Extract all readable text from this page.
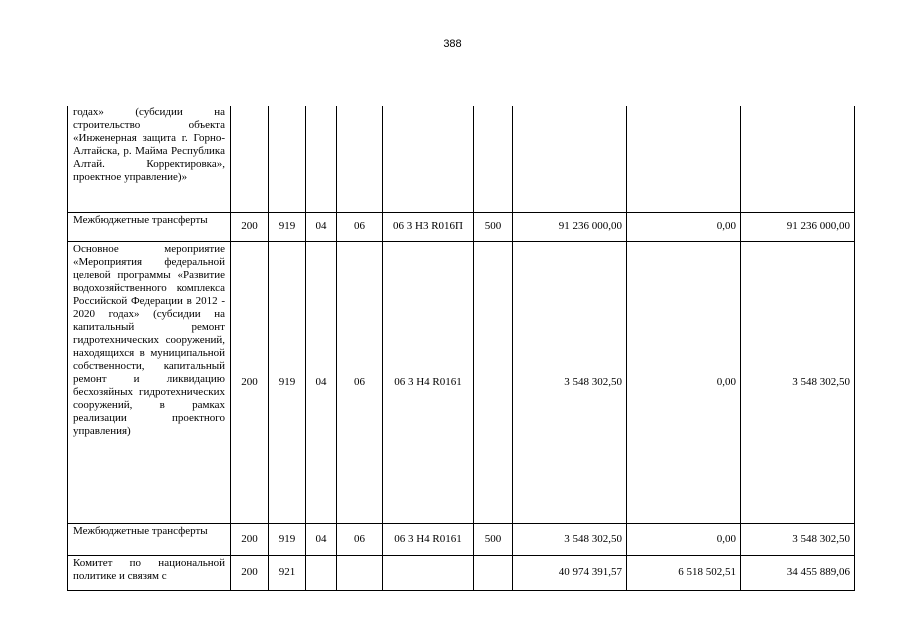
388
годах» (субсидии на строительство объекта «Инженерная защита г. Горно-Алтайска, р. Майма Республика Алтай. Корректировка», проектное управление)»									
Межбюджетные трансферты	200	919	04	06	06 3 Н3 R016П	500	91 236 000,00	0,00	91 236 000,00
Основное мероприятие «Мероприятия федеральной целевой программы «Развитие водохозяйственного комплекса Российской Федерации в 2012 - 2020 годах» (субсидии на капитальный ремонт гидротехнических сооружений, находящихся в муниципальной собственности, капитальный ремонт и ликвидацию бесхозяйных гидротехнических сооружений, в рамках реализации проектного управления)	200	919	04	06	06 3 Н4 R0161		3 548 302,50	0,00	3 548 302,50
Межбюджетные трансферты	200	919	04	06	06 3 Н4 R0161	500	3 548 302,50	0,00	3 548 302,50
Комитет по национальной политике и связям с	200	921					40 974 391,57	6 518 502,51	34 455 889,06
